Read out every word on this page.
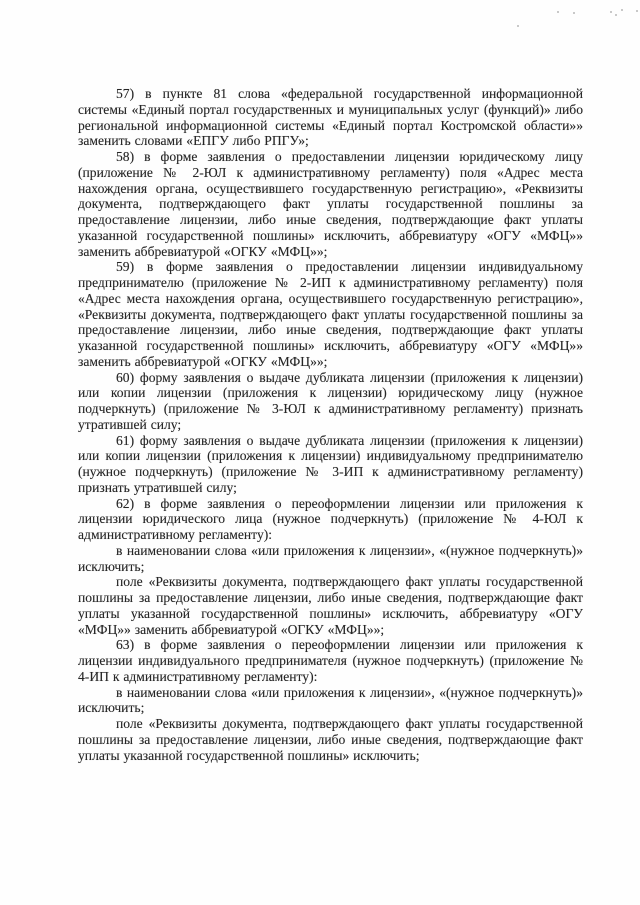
57) в пункте 81 слова «федеральной государственной информационной системы «Единый портал государственных и муниципальных услуг (функций)» либо региональной информационной системы «Единый портал Костромской области»» заменить словами «ЕПГУ либо РПГУ»;

58) в форме заявления о предоставлении лицензии юридическому лицу (приложение № 2-ЮЛ к административному регламенту) поля «Адрес места нахождения органа, осуществившего государственную регистрацию», «Реквизиты документа, подтверждающего факт уплаты государственной пошлины за предоставление лицензии, либо иные сведения, подтверждающие факт уплаты указанной государственной пошлины» исключить, аббревиатуру «ОГУ «МФЦ»» заменить аббревиатурой «ОГКУ «МФЦ»»;

59) в форме заявления о предоставлении лицензии индивидуальному предпринимателю (приложение № 2-ИП к административному регламенту) поля «Адрес места нахождения органа, осуществившего государственную регистрацию», «Реквизиты документа, подтверждающего факт уплаты государственной пошлины за предоставление лицензии, либо иные сведения, подтверждающие факт уплаты указанной государственной пошлины» исключить, аббревиатуру «ОГУ «МФЦ»» заменить аббревиатурой «ОГКУ «МФЦ»»;

60) форму заявления о выдаче дубликата лицензии (приложения к лицензии) или копии лицензии (приложения к лицензии) юридическому лицу (нужное подчеркнуть) (приложение № 3-ЮЛ к административному регламенту) признать утратившей силу;

61) форму заявления о выдаче дубликата лицензии (приложения к лицензии) или копии лицензии (приложения к лицензии) индивидуальному предпринимателю (нужное подчеркнуть) (приложение № 3-ИП к административному регламенту) признать утратившей силу;

62) в форме заявления о переоформлении лицензии или приложения к лицензии юридического лица (нужное подчеркнуть) (приложение № 4-ЮЛ к административному регламенту):

в наименовании слова «или приложения к лицензии», «(нужное подчеркнуть)» исключить;

поле «Реквизиты документа, подтверждающего факт уплаты государственной пошлины за предоставление лицензии, либо иные сведения, подтверждающие факт уплаты указанной государственной пошлины» исключить, аббревиатуру «ОГУ «МФЦ»» заменить аббревиатурой «ОГКУ «МФЦ»»;

63) в форме заявления о переоформлении лицензии или приложения к лицензии индивидуального предпринимателя (нужное подчеркнуть) (приложение № 4-ИП к административному регламенту):

в наименовании слова «или приложения к лицензии», «(нужное подчеркнуть)» исключить;

поле «Реквизиты документа, подтверждающего факт уплаты государственной пошлины за предоставление лицензии, либо иные сведения, подтверждающие факт уплаты указанной государственной пошлины» исключить;
